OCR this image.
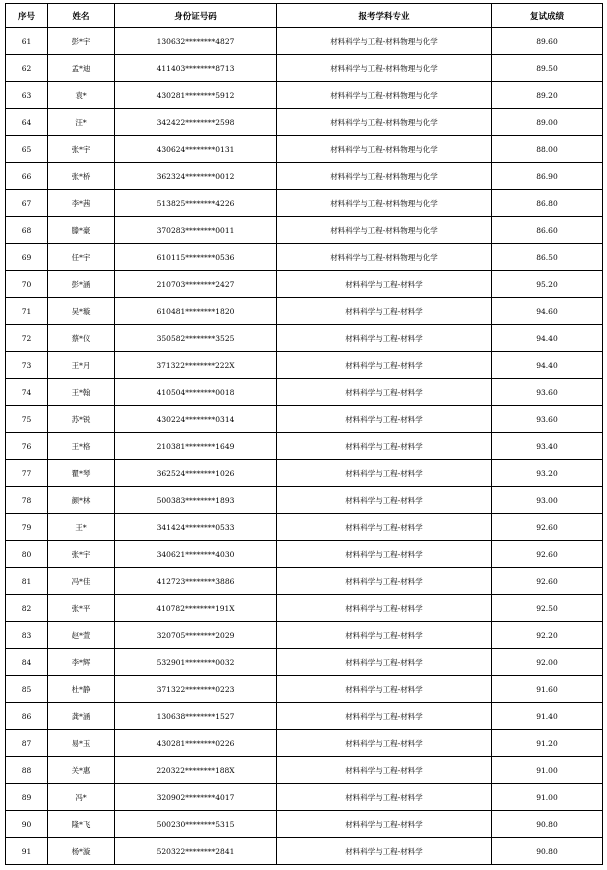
序号	姓名	身份证号码	报考学科专业	复试成绩
61	彭*宇	130632********4827	材料科学与工程-材料物理与化学	89.60
62	孟*迪	411403********8713	材料科学与工程-材料物理与化学	89.50
63	袁*	430281********5912	材料科学与工程-材料物理与化学	89.20
64	汪*	342422********2598	材料科学与工程-材料物理与化学	89.00
65	张*宇	430624********0131	材料科学与工程-材料物理与化学	88.00
66	张*桥	362324********0012	材料科学与工程-材料物理与化学	86.90
67	李*茜	513825********4226	材料科学与工程-材料物理与化学	86.80
68	滕*豪	370283********0011	材料科学与工程-材料物理与化学	86.60
69	任*宇	610115********0536	材料科学与工程-材料物理与化学	86.50
70	彭*涵	210703********2427	材料科学与工程-材料学	95.20
71	吴*璇	610481********1820	材料科学与工程-材料学	94.60
72	蔡*仪	350582********3525	材料科学与工程-材料学	94.40
73	王*月	371322********222X	材料科学与工程-材料学	94.40
74	王*翰	410504********0018	材料科学与工程-材料学	93.60
75	苏*锐	430224********0314	材料科学与工程-材料学	93.60
76	王*格	210381********1649	材料科学与工程-材料学	93.40
77	瞿*琴	362524********1026	材料科学与工程-材料学	93.20
78	颜*林	500383********1893	材料科学与工程-材料学	93.00
79	王*	341424********0533	材料科学与工程-材料学	92.60
80	张*宇	340621********4030	材料科学与工程-材料学	92.60
81	冯*佳	412723********3886	材料科学与工程-材料学	92.60
82	张*平	410782********191X	材料科学与工程-材料学	92.50
83	赵*萱	320705********2029	材料科学与工程-材料学	92.20
84	李*辉	532901********0032	材料科学与工程-材料学	92.00
85	杜*静	371322********0223	材料科学与工程-材料学	91.60
86	龚*涵	130638********1527	材料科学与工程-材料学	91.40
87	易*玉	430281********0226	材料科学与工程-材料学	91.20
88	关*惠	220322********188X	材料科学与工程-材料学	91.00
89	冯*	320902********4017	材料科学与工程-材料学	91.00
90	隆*飞	500230********5315	材料科学与工程-材料学	90.80
91	杨*漩	520322********2841	材料科学与工程-材料学	90.80
